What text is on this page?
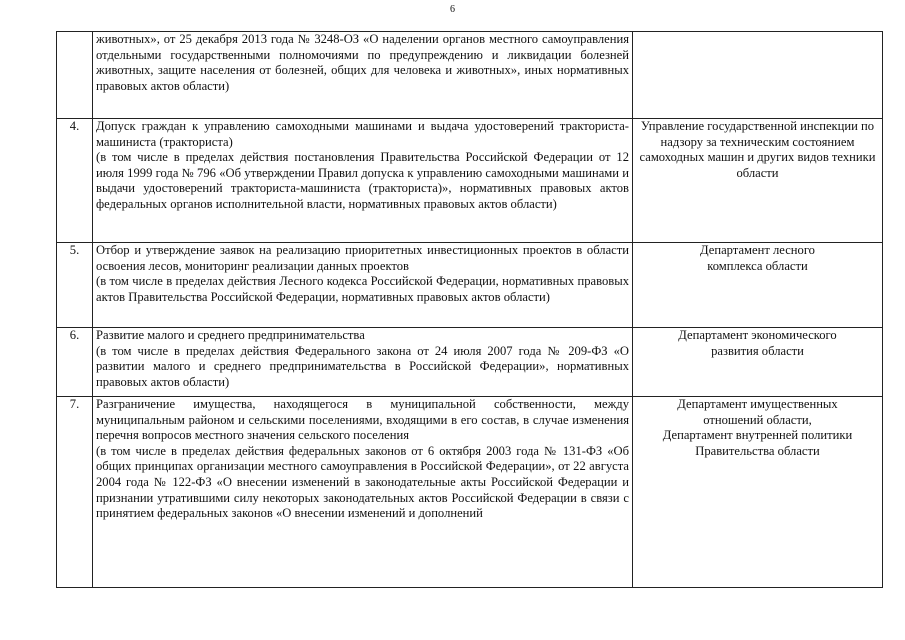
6

	животных», от 25 декабря 2013 года № 3248-ОЗ «О наделении органов местного самоуправления отдельными государственными полномочиями по предупреждению и ликвидации болезней животных, защите населения от болезней, общих для человека и животных», иных нормативных правовых актов области)	

4.	Допуск граждан к управлению самоходными машинами и выдача удостоверений тракториста-машиниста (тракториста)
(в том числе в пределах действия постановления Правительства Российской Федерации от 12 июля 1999 года № 796 «Об утверждении Правил допуска к управлению самоходными машинами и выдачи удостоверений тракториста-машиниста (тракториста)», нормативных правовых актов федеральных органов исполнительной власти, нормативных правовых актов области)	Управление государственной инспекции по надзору за техническим состоянием самоходных машин и других видов техники области

5.	Отбор и утверждение заявок на реализацию приоритетных инвестиционных проектов в области освоения лесов, мониторинг реализации данных проектов
(в том числе в пределах действия Лесного кодекса Российской Федерации, нормативных правовых актов Правительства Российской Федерации, нормативных правовых актов области)	Департамент лесного комплекса области

6.	Развитие малого и среднего предпринимательства
(в том числе в пределах действия Федерального закона от 24 июля 2007 года № 209-ФЗ «О развитии малого и среднего предпринимательства в Российской Федерации», нормативных правовых актов области)	Департамент экономического развития области

7.	Разграничение имущества, находящегося в муниципальной собственности, между муниципальным районом и сельскими поселениями, входящими в его состав, в случае изменения перечня вопросов местного значения сельского поселения
(в том числе в пределах действия федеральных законов от 6 октября 2003 года № 131-ФЗ «Об общих принципах организации местного самоуправления в Российской Федерации», от 22 августа 2004 года № 122-ФЗ «О внесении изменений в законодательные акты Российской Федерации и признании утратившими силу некоторых законодательных актов Российской Федерации в связи с принятием федеральных законов «О внесении изменений и дополнений	Департамент имущественных отношений области,
Департамент внутренней политики Правительства области
